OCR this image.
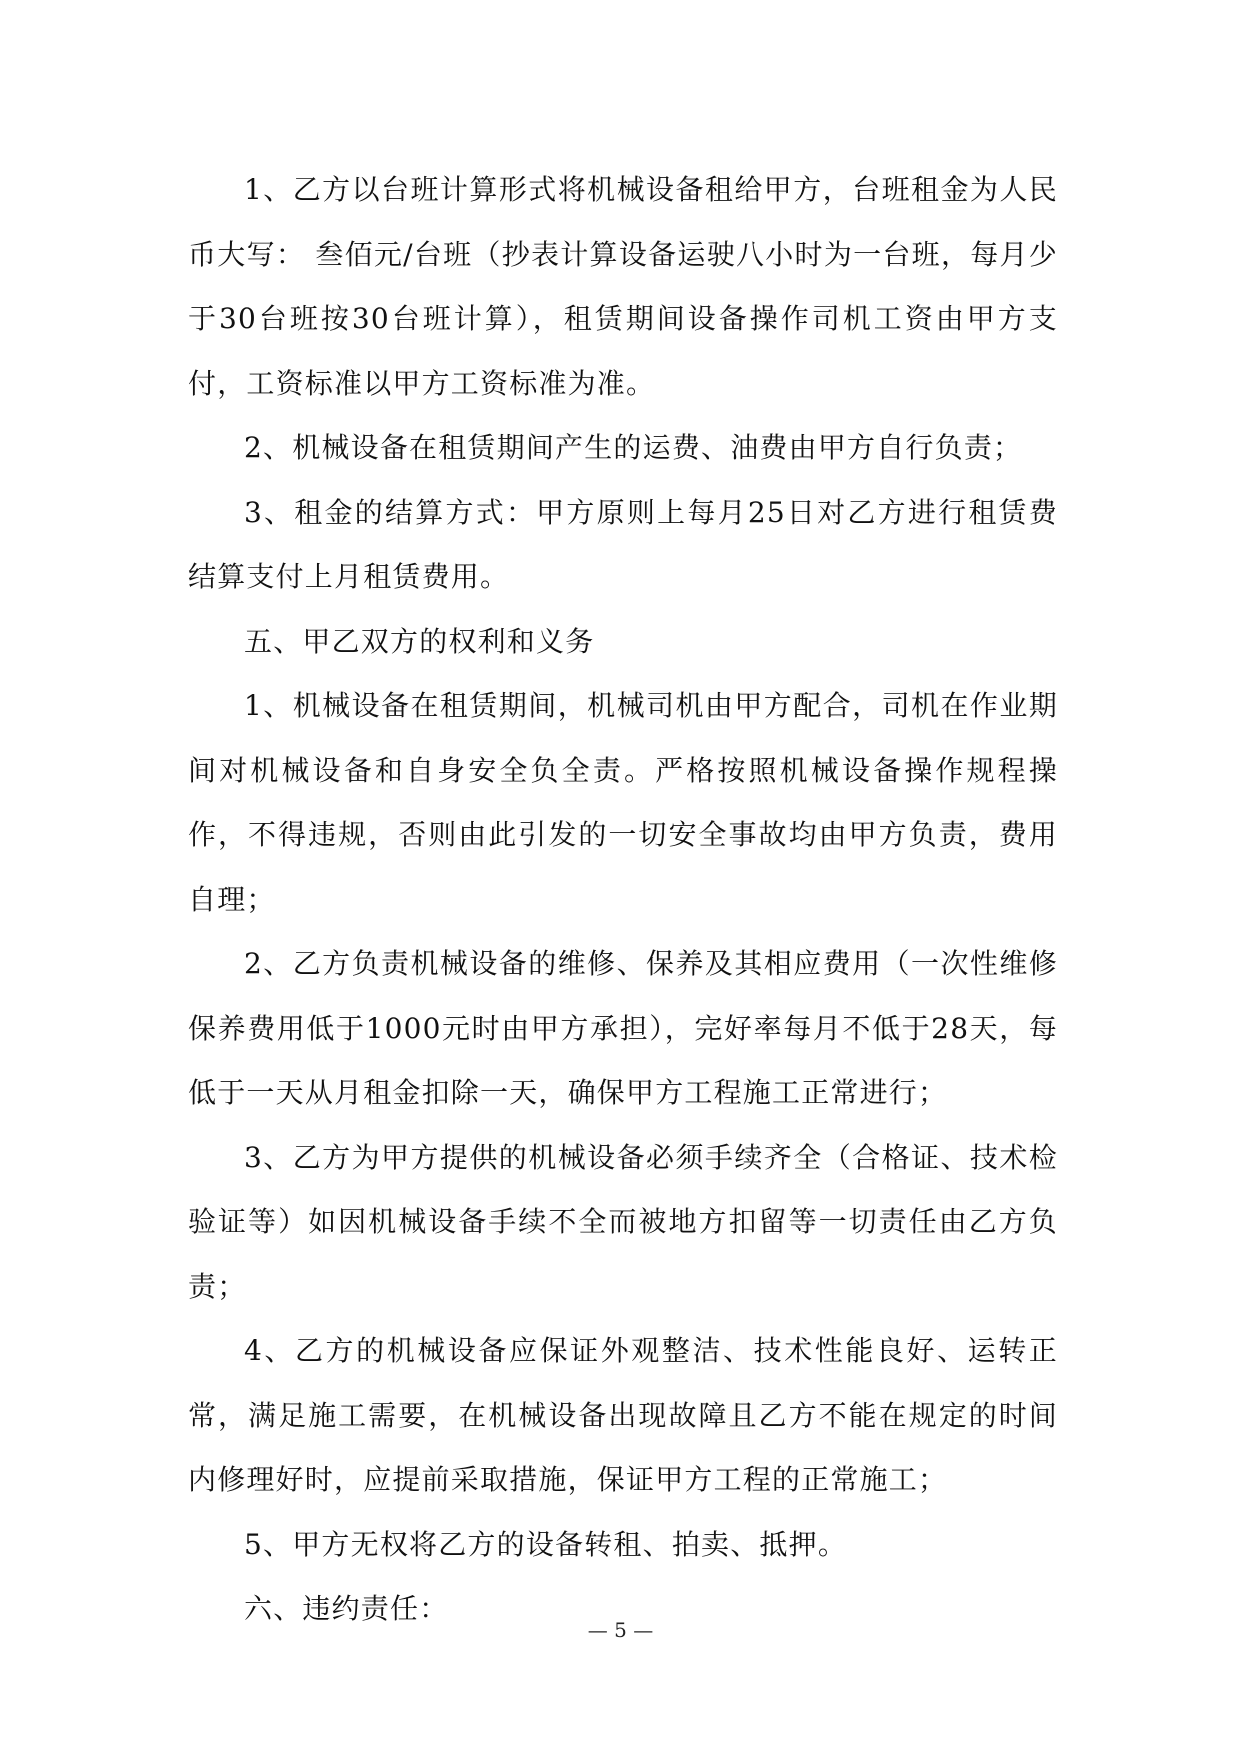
1、乙方以台班计算形式将机械设备租给甲方，台班租金为人民币大写： 叁佰元/台班（抄表计算设备运驶八小时为一台班，每月少于30台班按30台班计算），租赁期间设备操作司机工资由甲方支付，工资标准以甲方工资标准为准。

2、机械设备在租赁期间产生的运费、油费由甲方自行负责；

3、租金的结算方式：甲方原则上每月25日对乙方进行租赁费结算支付上月租赁费用。

五、甲乙双方的权利和义务

1、机械设备在租赁期间，机械司机由甲方配合，司机在作业期间对机械设备和自身安全负全责。严格按照机械设备操作规程操作，不得违规，否则由此引发的一切安全事故均由甲方负责，费用自理；

2、乙方负责机械设备的维修、保养及其相应费用（一次性维修保养费用低于1000元时由甲方承担），完好率每月不低于28天，每低于一天从月租金扣除一天，确保甲方工程施工正常进行；

3、乙方为甲方提供的机械设备必须手续齐全（合格证、技术检验证等）如因机械设备手续不全而被地方扣留等一切责任由乙方负责；

4、乙方的机械设备应保证外观整洁、技术性能良好、运转正常，满足施工需要，在机械设备出现故障且乙方不能在规定的时间内修理好时，应提前采取措施，保证甲方工程的正常施工；

5、甲方无权将乙方的设备转租、拍卖、抵押。

六、违约责任：

— 5 —
